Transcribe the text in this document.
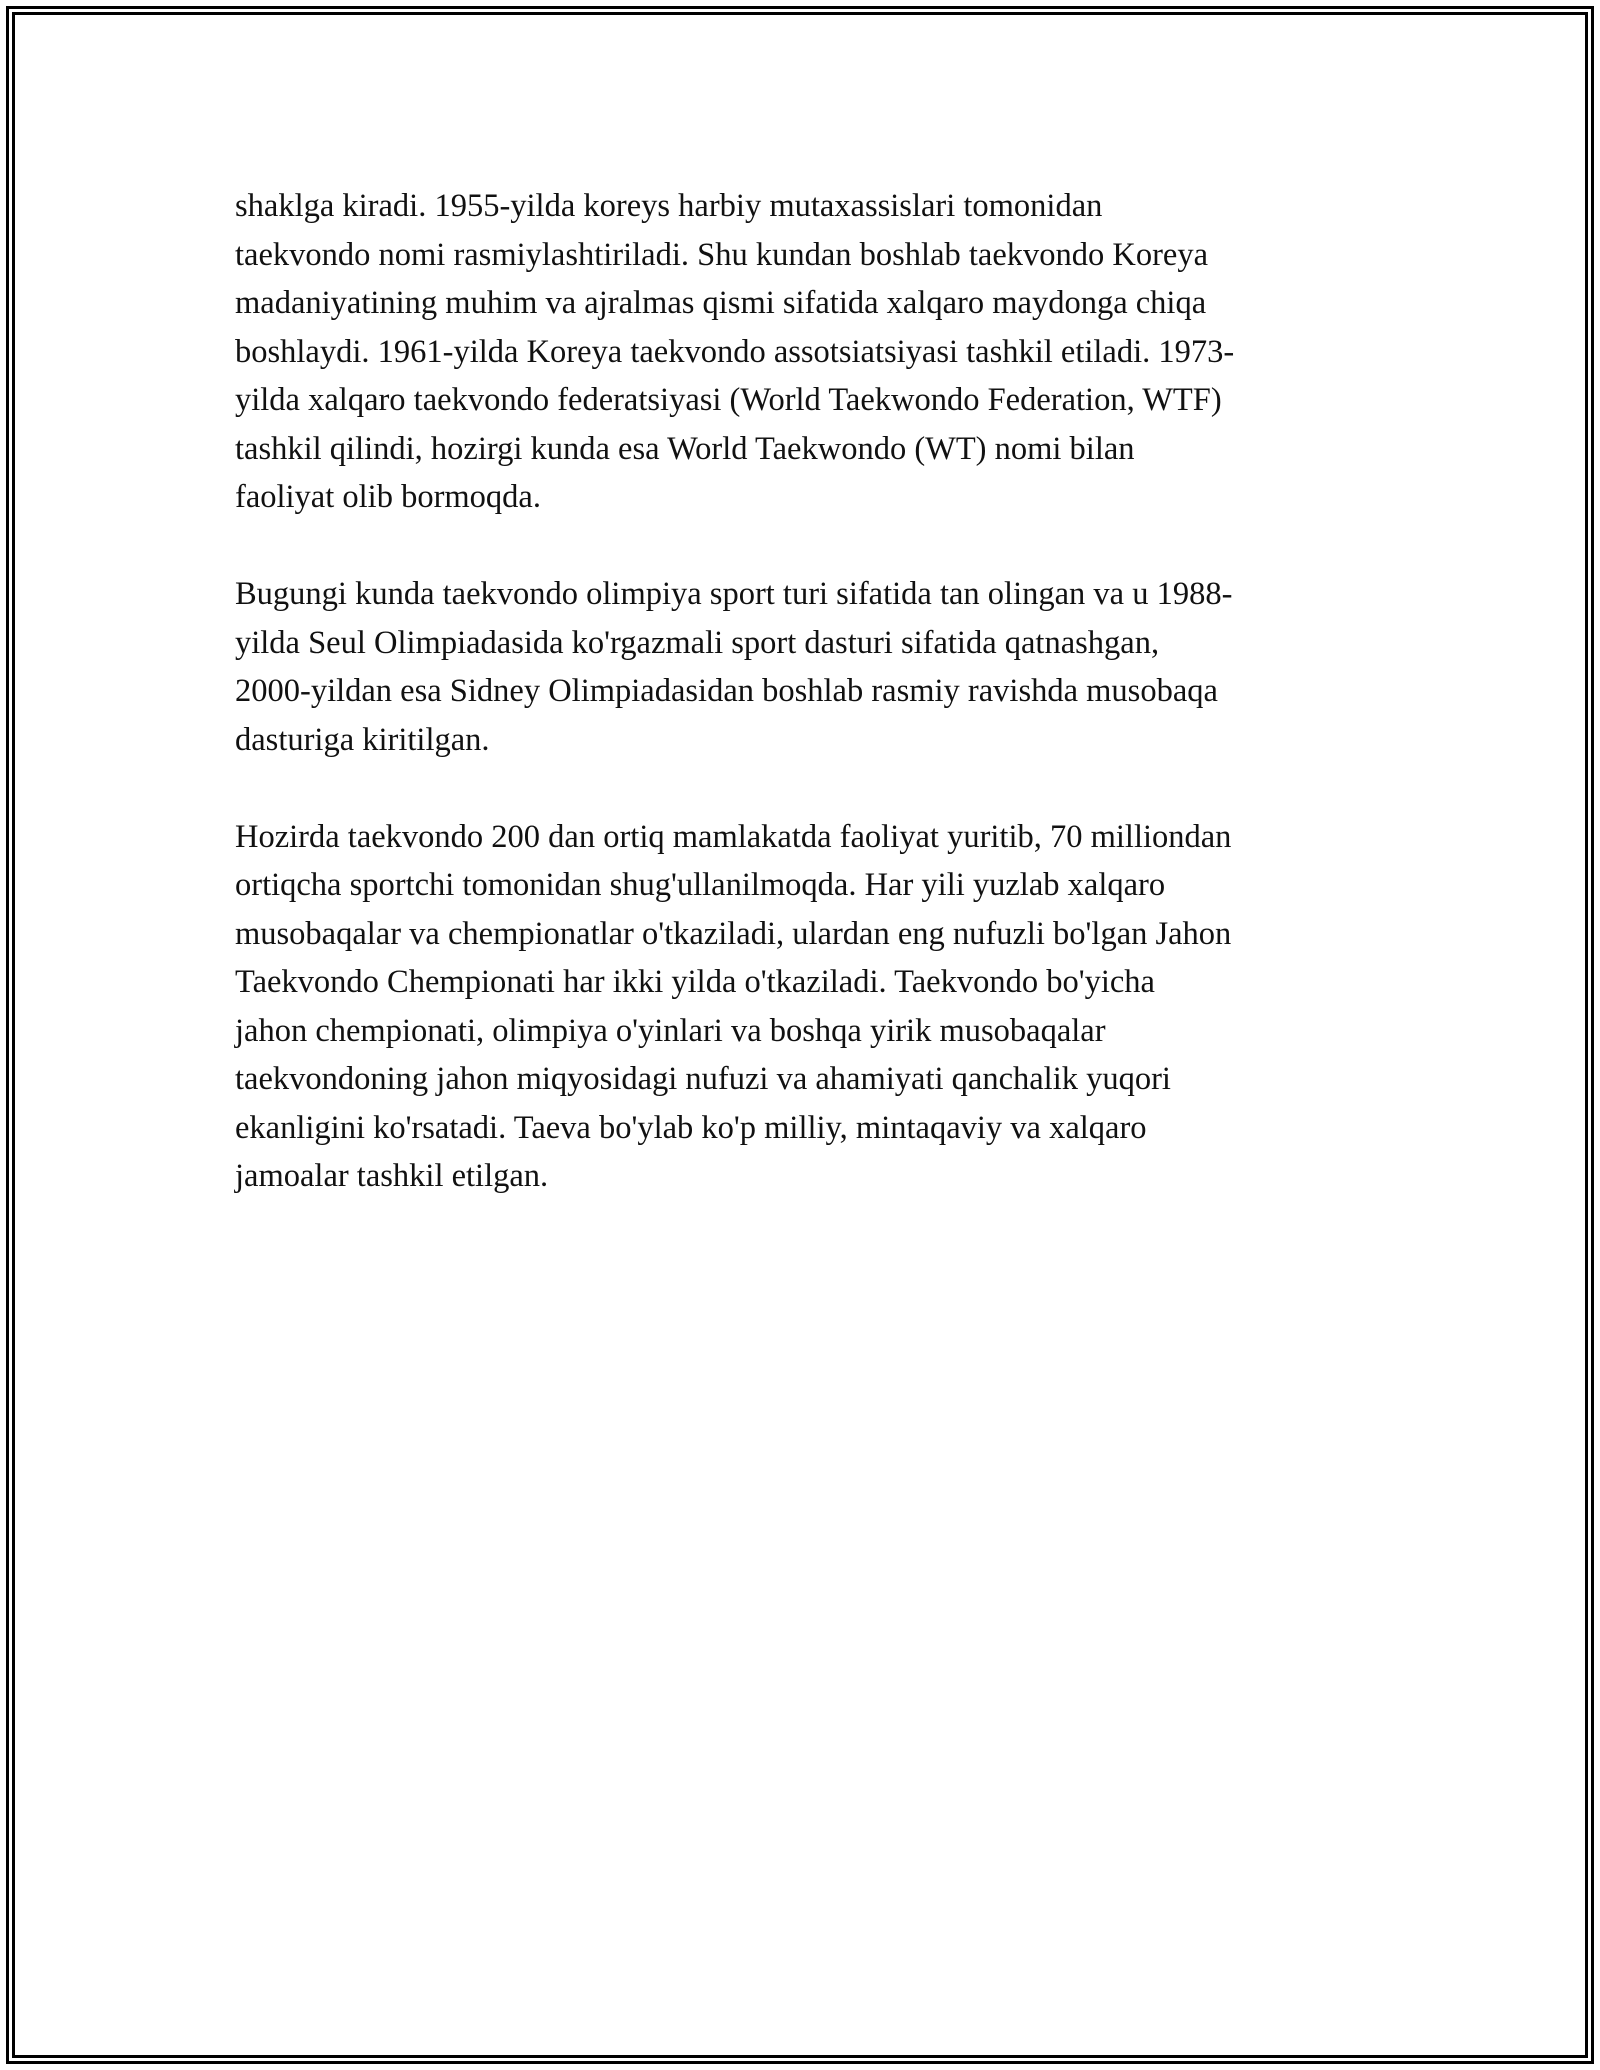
shaklga kiradi. 1955-yilda koreys harbiy mutaxassislari tomonidan
taekvondo nomi rasmiylashtiriladi. Shu kundan boshlab taekvondo Koreya
madaniyatining muhim va ajralmas qismi sifatida xalqaro maydonga chiqa
boshlaydi. 1961-yilda Koreya taekvondo assotsiatsiyasi tashkil etiladi. 1973-
yilda xalqaro taekvondo federatsiyasi (World Taekwondo Federation, WTF)
tashkil qilindi, hozirgi kunda esa World Taekwondo (WT) nomi bilan
faoliyat olib bormoqda.

Bugungi kunda taekvondo olimpiya sport turi sifatida tan olingan va u 1988-
yilda Seul Olimpiadasida ko'rgazmali sport dasturi sifatida qatnashgan,
2000-yildan esa Sidney Olimpiadasidan boshlab rasmiy ravishda musobaqa
dasturiga kiritilgan.

Hozirda taekvondo 200 dan ortiq mamlakatda faoliyat yuritib, 70 milliondan
ortiqcha sportchi tomonidan shug'ullanilmoqda. Har yili yuzlab xalqaro
musobaqalar va chempionatlar o'tkaziladi, ulardan eng nufuzli bo'lgan Jahon
Taekvondo Chempionati har ikki yilda o'tkaziladi. Taekvondo bo'yicha
jahon chempionati, olimpiya o'yinlari va boshqa yirik musobaqalar
taekvondoning jahon miqyosidagi nufuzi va ahamiyati qanchalik yuqori
ekanligini ko'rsatadi. Taeva bo'ylab ko'p milliy, mintaqaviy va xalqaro
jamoalar tashkil etilgan.
